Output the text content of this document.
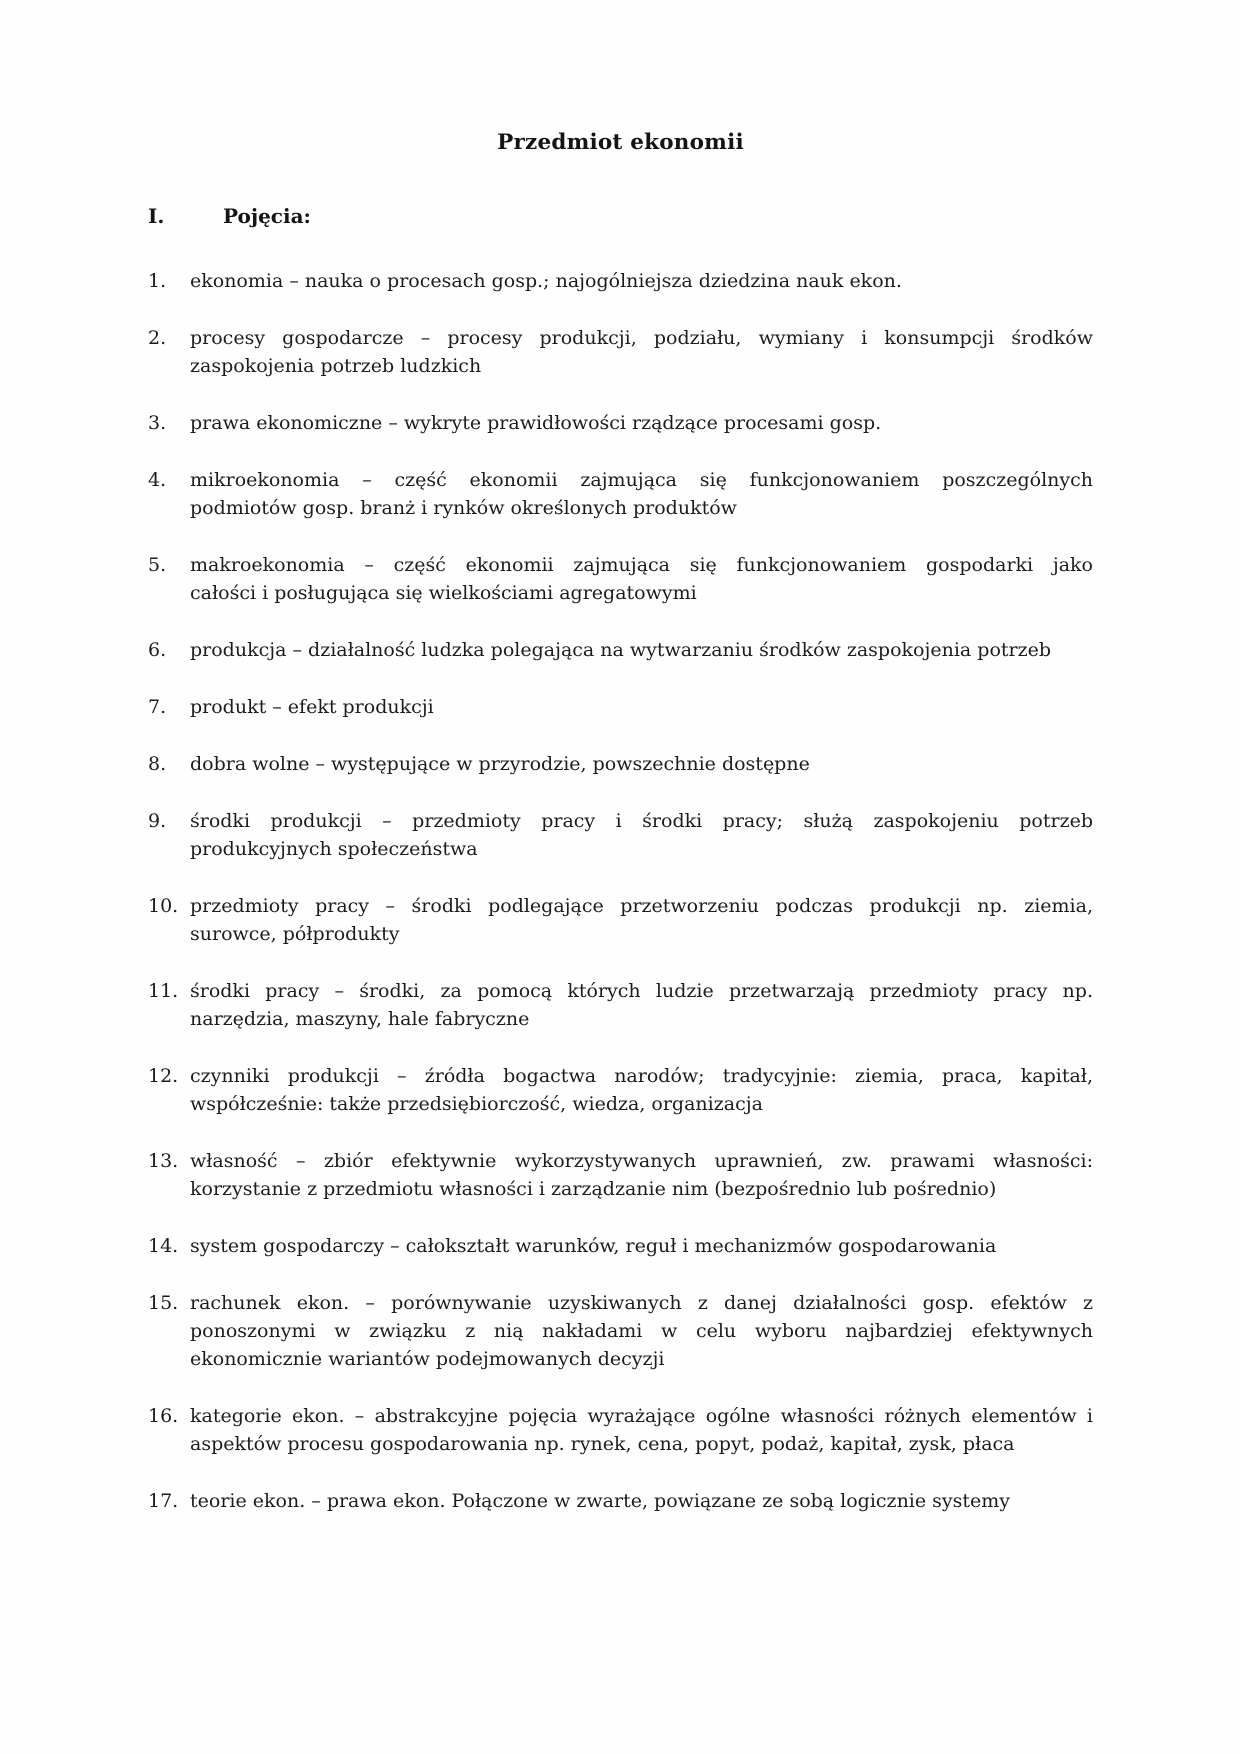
Przedmiot ekonomii
I.	Pojęcia:
1.	ekonomia – nauka o procesach gosp.; najogólniejsza dziedzina nauk ekon.
2.	procesy gospodarcze – procesy produkcji, podziału, wymiany i konsumpcji środków
zaspokojenia potrzeb ludzkich
3.	prawa ekonomiczne – wykryte prawidłowości rządzące procesami gosp.
4.	mikroekonomia – część ekonomii zajmująca się funkcjonowaniem poszczególnych
podmiotów gosp. branż i rynków określonych produktów
5.	makroekonomia – część ekonomii zajmująca się funkcjonowaniem gospodarki jako
całości i posługująca się wielkościami agregatowymi
6.	produkcja – działalność ludzka polegająca na wytwarzaniu środków zaspokojenia potrzeb
7.	produkt – efekt produkcji
8.	dobra wolne – występujące w przyrodzie, powszechnie dostępne
9.	środki produkcji – przedmioty pracy i środki pracy; służą zaspokojeniu potrzeb
produkcyjnych społeczeństwa
10. przedmioty pracy – środki podlegające przetworzeniu podczas produkcji np. ziemia,
surowce, półprodukty
11. środki pracy – środki, za pomocą których ludzie przetwarzają przedmioty pracy np.
narzędzia, maszyny, hale fabryczne
12. czynniki produkcji – źródła bogactwa narodów; tradycyjnie: ziemia, praca, kapitał,
współcześnie: także przedsiębiorczość, wiedza, organizacja
13. własność – zbiór efektywnie wykorzystywanych uprawnień, zw. prawami własności:
korzystanie z przedmiotu własności i zarządzanie nim (bezpośrednio lub pośrednio)
14. system gospodarczy – całokształt warunków, reguł i mechanizmów gospodarowania
15. rachunek ekon. – porównywanie uzyskiwanych z danej działalności gosp. efektów z
ponoszonymi w związku z nią nakładami w celu wyboru najbardziej efektywnych
ekonomicznie wariantów podejmowanych decyzji
16. kategorie ekon. – abstrakcyjne pojęcia wyrażające ogólne własności różnych elementów i
aspektów procesu gospodarowania np. rynek, cena, popyt, podaż, kapitał, zysk, płaca
17. teorie ekon. – prawa ekon. Połączone w zwarte, powiązane ze sobą logicznie systemy
